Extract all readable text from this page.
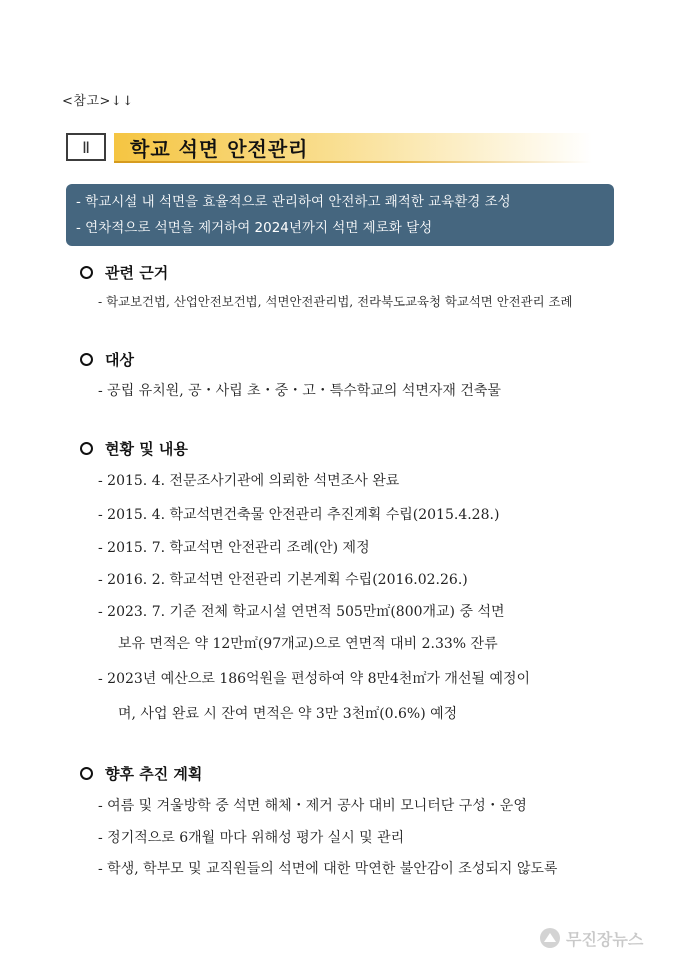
<참고>↓↓
Ⅱ	학교 석면 안전관리
- 학교시설 내 석면을 효율적으로 관리하여 안전하고 쾌적한 교육환경 조성
- 연차적으로 석면을 제거하여 2024년까지 석면 제로화 달성
관련 근거
- 학교보건법, 산업안전보건법, 석면안전관리법, 전라북도교육청 학교석면 안전관리 조례
대상
- 공립 유치원, 공・사립 초・중・고・특수학교의 석면자재 건축물
현황 및 내용
- 2015. 4. 전문조사기관에 의뢰한 석면조사 완료
- 2015. 4. 학교석면건축물 안전관리 추진계획 수립(2015.4.28.)
- 2015. 7. 학교석면 안전관리 조례(안) 제정
- 2016. 2. 학교석면 안전관리 기본계획 수립(2016.02.26.)
- 2023. 7. 기준 전체 학교시설 연면적 505만㎡(800개교) 중 석면
보유 면적은 약 12만㎡(97개교)으로 연면적 대비 2.33% 잔류
- 2023년 예산으로 186억원을 편성하여 약 8만4천㎡가 개선될 예정이
며, 사업 완료 시 잔여 면적은 약 3만 3천㎡(0.6%) 예정
향후 추진 계획
- 여름 및 겨울방학 중 석면 해체・제거 공사 대비 모니터단 구성・운영
- 정기적으로 6개월 마다 위해성 평가 실시 및 관리
- 학생, 학부모 및 교직원들의 석면에 대한 막연한 불안감이 조성되지 않도록
무진장뉴스
